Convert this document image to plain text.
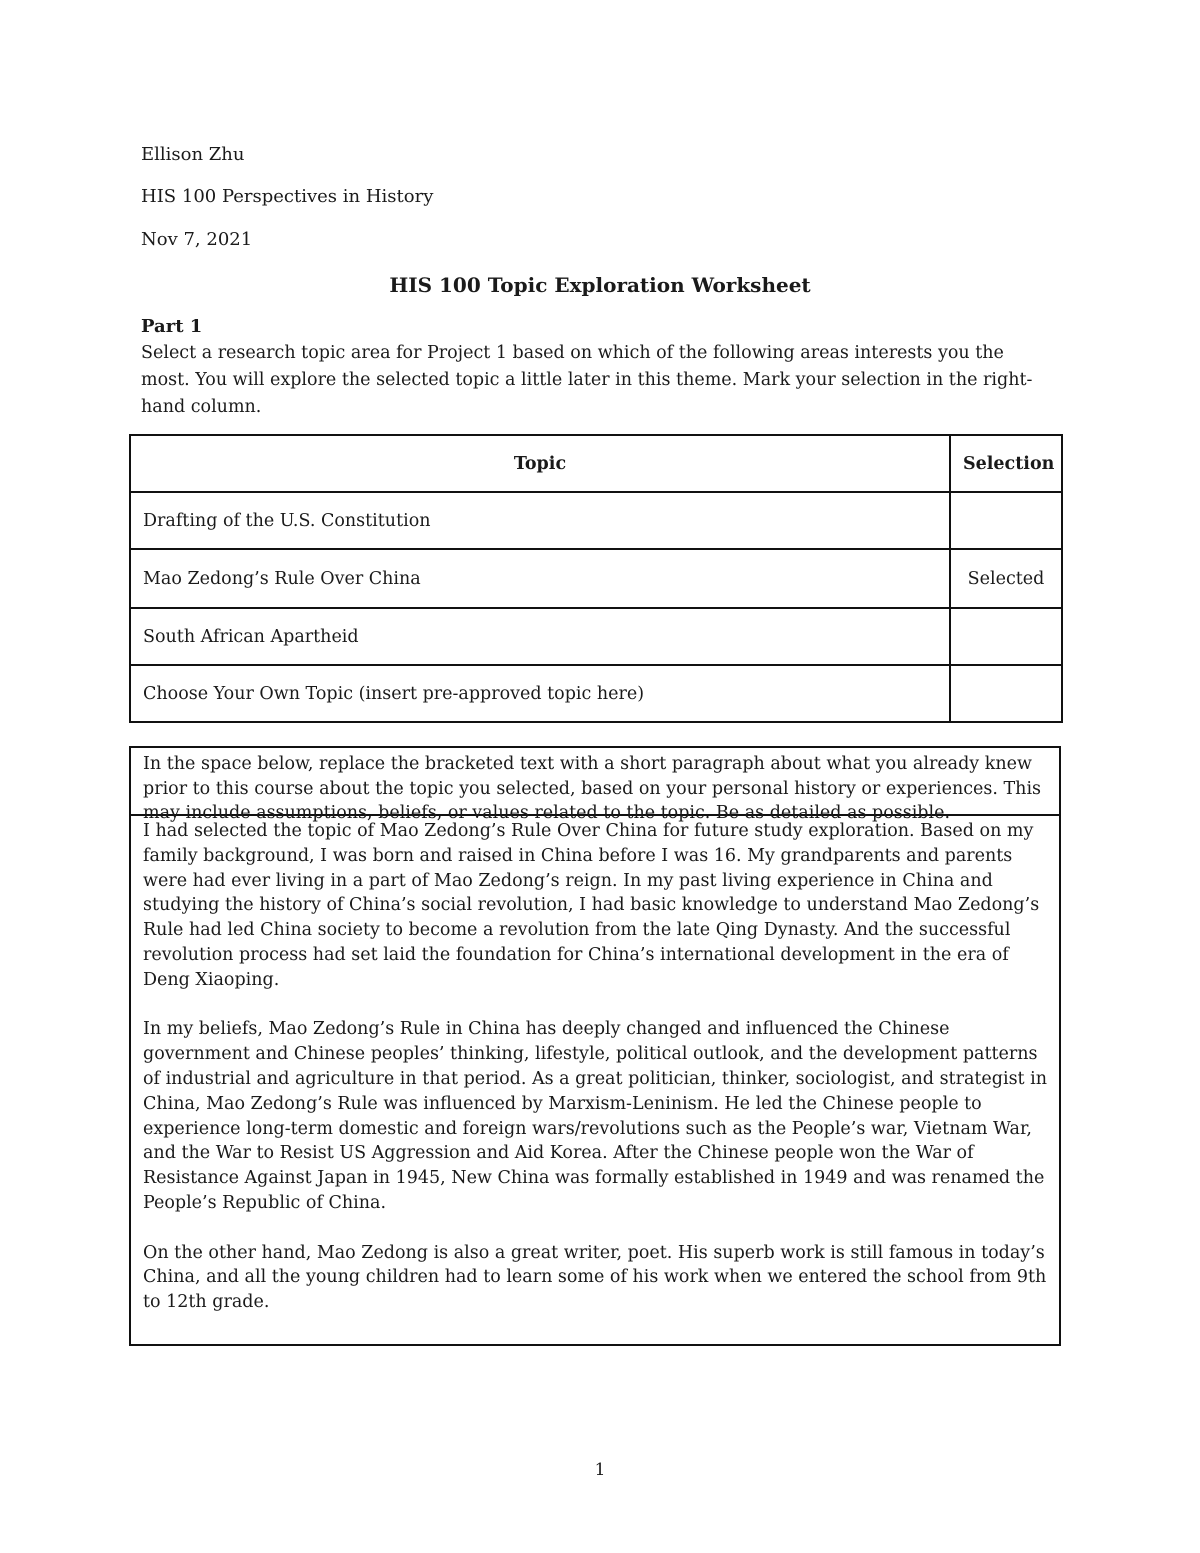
Ellison Zhu
HIS 100 Perspectives in History
Nov 7, 2021
HIS 100 Topic Exploration Worksheet
Part 1

Select a research topic area for Project 1 based on which of the following areas interests you the most. You will explore the selected topic a little later in this theme. Mark your selection in the right-hand column.

Topic	Selection
Drafting of the U.S. Constitution	
Mao Zedong’s Rule Over China	Selected
South African Apartheid	
Choose Your Own Topic (insert pre-approved topic here)	
In the space below, replace the bracketed text with a short paragraph about what you already knew prior to this course about the topic you selected, based on your personal history or experiences. This may include assumptions, beliefs, or values related to the topic. Be as detailed as possible.

I had selected the topic of Mao Zedong’s Rule Over China for future study exploration. Based on my family background, I was born and raised in China before I was 16. My grandparents and parents were had ever living in a part of Mao Zedong’s reign. In my past living experience in China and studying the history of China’s social revolution, I had basic knowledge to understand Mao Zedong’s Rule had led China society to become a revolution from the late Qing Dynasty. And the successful revolution process had set laid the foundation for China’s international development in the era of Deng Xiaoping.

In my beliefs, Mao Zedong’s Rule in China has deeply changed and influenced the Chinese government and Chinese peoples’ thinking, lifestyle, political outlook, and the development patterns of industrial and agriculture in that period. As a great politician, thinker, sociologist, and strategist in China, Mao Zedong’s Rule was influenced by Marxism-Leninism. He led the Chinese people to experience long-term domestic and foreign wars/revolutions such as the People’s war, Vietnam War, and the War to Resist US Aggression and Aid Korea. After the Chinese people won the War of Resistance Against Japan in 1945, New China was formally established in 1949 and was renamed the People’s Republic of China.

On the other hand, Mao Zedong is also a great writer, poet. His superb work is still famous in today’s China, and all the young children had to learn some of his work when we entered the school from 9th to 12th grade.

1
